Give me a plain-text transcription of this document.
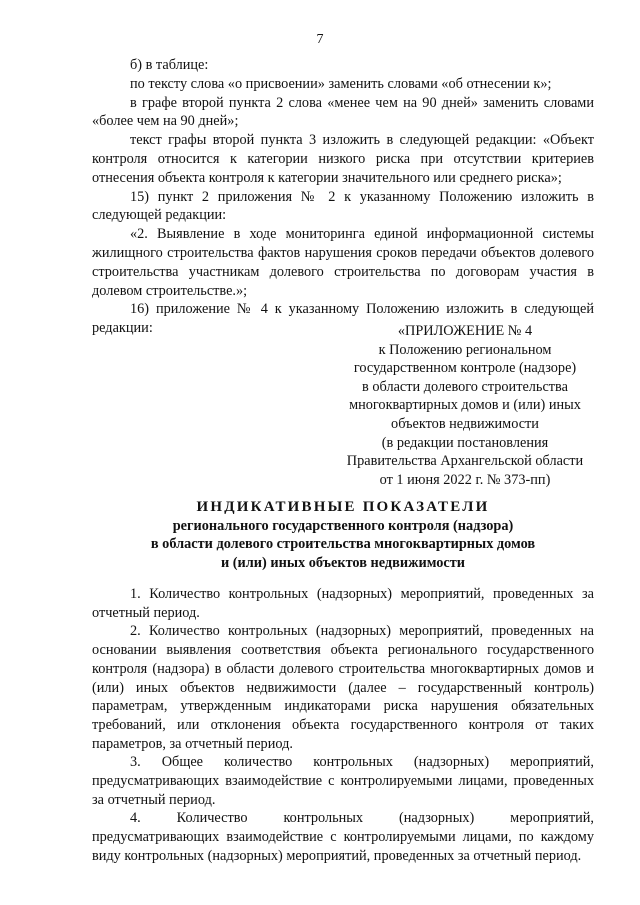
7

б) в таблице:

по тексту слова «о присвоении» заменить словами «об отнесении к»;

в графе второй пункта 2 слова «менее чем на 90 дней» заменить словами «более чем на 90 дней»;

текст графы второй пункта 3 изложить в следующей редакции: «Объект контроля относится к категории низкого риска при отсутствии критериев отнесения объекта контроля к категории значительного или среднего риска»;

15) пункт 2 приложения № 2 к указанному Положению изложить в следующей редакции:

«2. Выявление в ходе мониторинга единой информационной системы жилищного строительства фактов нарушения сроков передачи объектов долевого строительства участникам долевого строительства по договорам участия в долевом строительстве.»;

16) приложение № 4 к указанному Положению изложить в следующей редакции:	«ПРИЛОЖЕНИЕ № 4
к Положению региональном
государственном контроле (надзоре)
в области долевого строительства
многоквартирных домов и (или) иных
объектов недвижимости
(в редакции постановления
Правительства Архангельской области
от 1 июня 2022 г. № 373-пп)
ИНДИКАТИВНЫЕ ПОКАЗАТЕЛИ
регионального государственного контроля (надзора)
в области долевого строительства многоквартирных домов
и (или) иных объектов недвижимости

1. Количество контрольных (надзорных) мероприятий, проведенных за отчетный период.

2. Количество контрольных (надзорных) мероприятий, проведенных на основании выявления соответствия объекта регионального государственного контроля (надзора) в области долевого строительства многоквартирных домов и (или) иных объектов недвижимости (далее – государственный контроль) параметрам, утвержденным индикаторами риска нарушения обязательных требований, или отклонения объекта государственного контроля от таких параметров, за отчетный период.

3. Общее количество контрольных (надзорных) мероприятий, предусматривающих взаимодействие с контролируемыми лицами, проведенных за отчетный период.

4. Количество контрольных (надзорных) мероприятий, предусматривающих взаимодействие с контролируемыми лицами, по каждому виду контрольных (надзорных) мероприятий, проведенных за отчетный период.
